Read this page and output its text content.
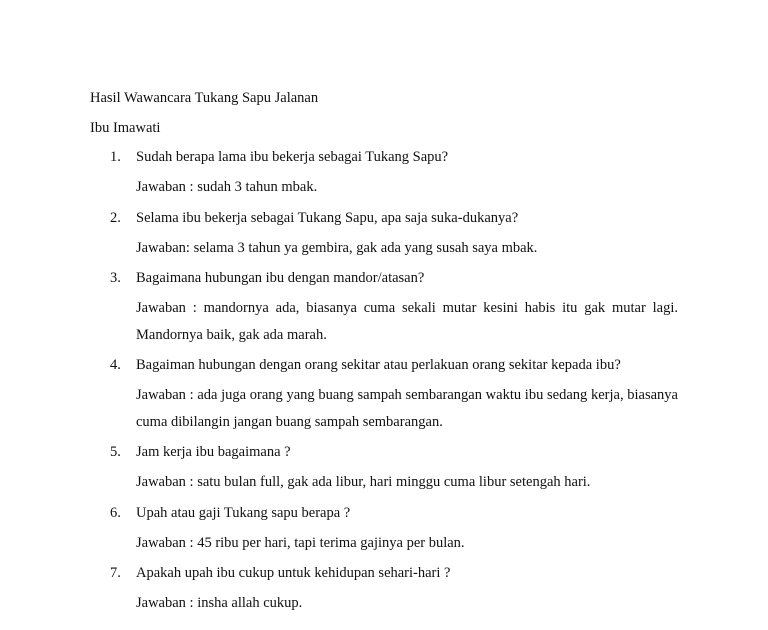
Hasil Wawancara Tukang Sapu Jalanan
Ibu Imawati
1.	Sudah berapa lama ibu bekerja sebagai Tukang Sapu?
Jawaban : sudah 3 tahun mbak.
2.	Selama ibu bekerja sebagai Tukang Sapu, apa saja suka-dukanya?
Jawaban: selama 3 tahun ya gembira, gak ada yang susah saya mbak.
3.	Bagaimana hubungan ibu dengan mandor/atasan?
Jawaban : mandornya ada, biasanya cuma sekali mutar kesini habis itu gak mutar lagi. Mandornya baik, gak ada marah.
4.	Bagaiman hubungan dengan orang sekitar atau perlakuan orang sekitar kepada ibu?
Jawaban : ada juga orang yang buang sampah sembarangan waktu ibu sedang kerja, biasanya cuma dibilangin jangan buang sampah sembarangan.
5.	Jam kerja ibu bagaimana ?
Jawaban : satu bulan full, gak ada libur, hari minggu cuma libur setengah hari.
6.	Upah atau gaji Tukang sapu berapa ?
Jawaban : 45 ribu per hari, tapi terima gajinya per bulan.
7.	Apakah upah ibu cukup untuk kehidupan sehari-hari ?
Jawaban : insha allah cukup.
